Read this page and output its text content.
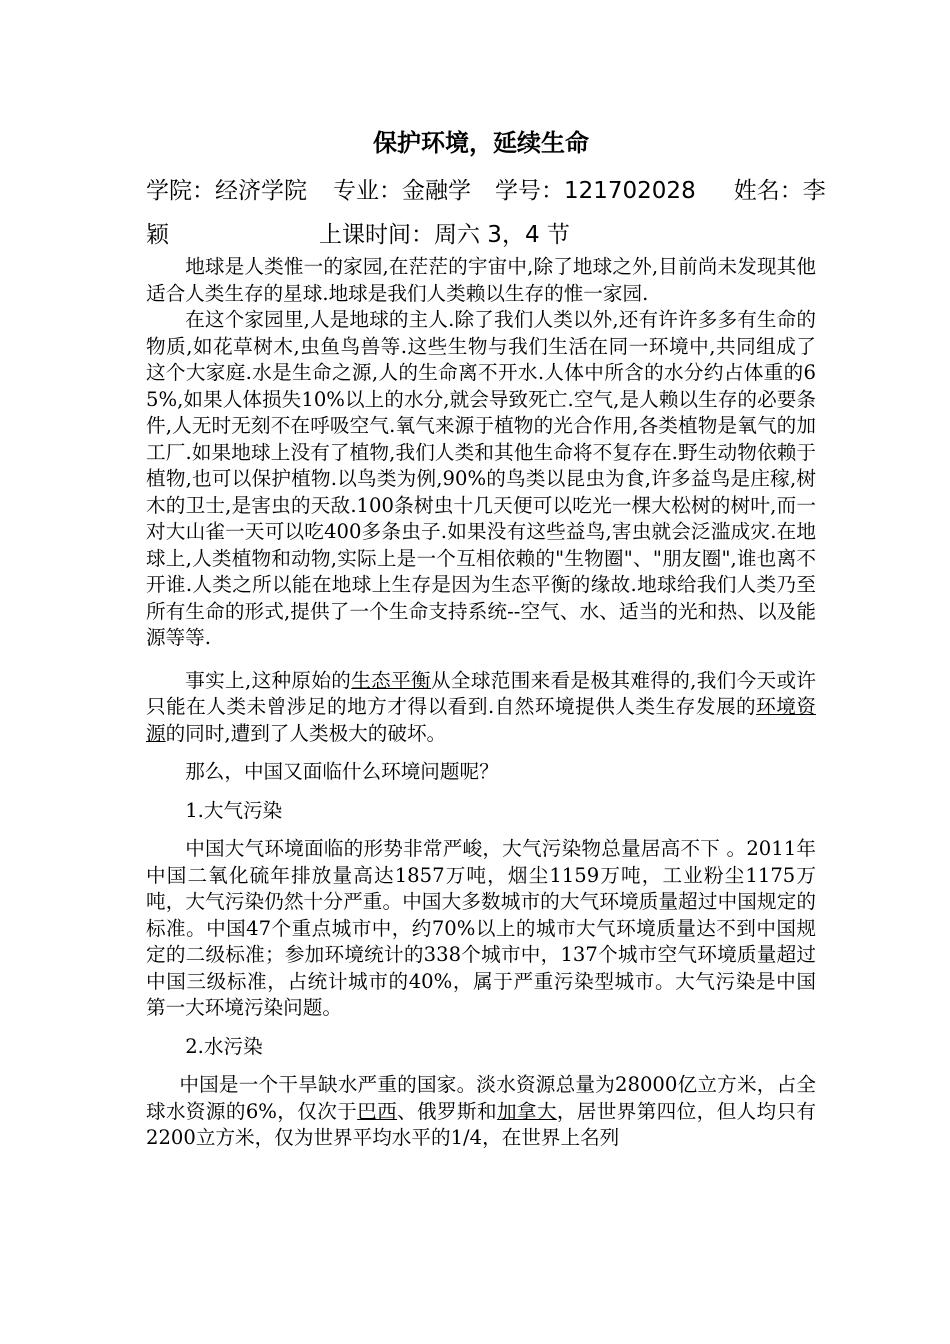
保护环境，延续生命
学院：经济学院 专业：金融学 学号：121702028 姓名：李
颖	上课时间：周六 3，4 节

地球是人类惟一的家园,在茫茫的宇宙中,除了地球之外,目前尚未发现其他适合人类生存的星球.地球是我们人类赖以生存的惟一家园.

在这个家园里,人是地球的主人.除了我们人类以外,还有许许多多有生命的物质,如花草树木,虫鱼鸟兽等.这些生物与我们生活在同一环境中,共同组成了这个大家庭.水是生命之源,人的生命离不开水.人体中所含的水分约占体重的65%,如果人体损失10%以上的水分,就会导致死亡.空气,是人赖以生存的必要条件,人无时无刻不在呼吸空气.氧气来源于植物的光合作用,各类植物是氧气的加工厂.如果地球上没有了植物,我们人类和其他生命将不复存在.野生动物依赖于植物,也可以保护植物.以鸟类为例,90%的鸟类以昆虫为食,许多益鸟是庄稼,树木的卫士,是害虫的天敌.100条树虫十几天便可以吃光一棵大松树的树叶,而一对大山雀一天可以吃400多条虫子.如果没有这些益鸟,害虫就会泛滥成灾.在地球上,人类植物和动物,实际上是一个互相依赖的"生物圈"、"朋友圈",谁也离不开谁.人类之所以能在地球上生存是因为生态平衡的缘故.地球给我们人类乃至所有生命的形式,提供了一个生命支持系统--空气、水、适当的光和热、以及能源等等.

事实上,这种原始的生态平衡从全球范围来看是极其难得的,我们今天或许只能在人类未曾涉足的地方才得以看到.自然环境提供人类生存发展的环境资源的同时,遭到了人类极大的破坏。

那么，中国又面临什么环境问题呢？

1.大气污染

中国大气环境面临的形势非常严峻，大气污染物总量居高不下 。2011年中国二氧化硫年排放量高达1857万吨，烟尘1159万吨，工业粉尘1175万吨，大气污染仍然十分严重。中国大多数城市的大气环境质量超过中国规定的标准。中国47个重点城市中，约70%以上的城市大气环境质量达不到中国规定的二级标准；参加环境统计的338个城市中，137个城市空气环境质量超过中国三级标准，占统计城市的40%，属于严重污染型城市。大气污染是中国第一大环境污染问题。

2.水污染

中国是一个干旱缺水严重的国家。淡水资源总量为28000亿立方米，占全球水资源的6%，仅次于巴西、俄罗斯和加拿大，居世界第四位，但人均只有2200立方米，仅为世界平均水平的1/4，在世界上名列
